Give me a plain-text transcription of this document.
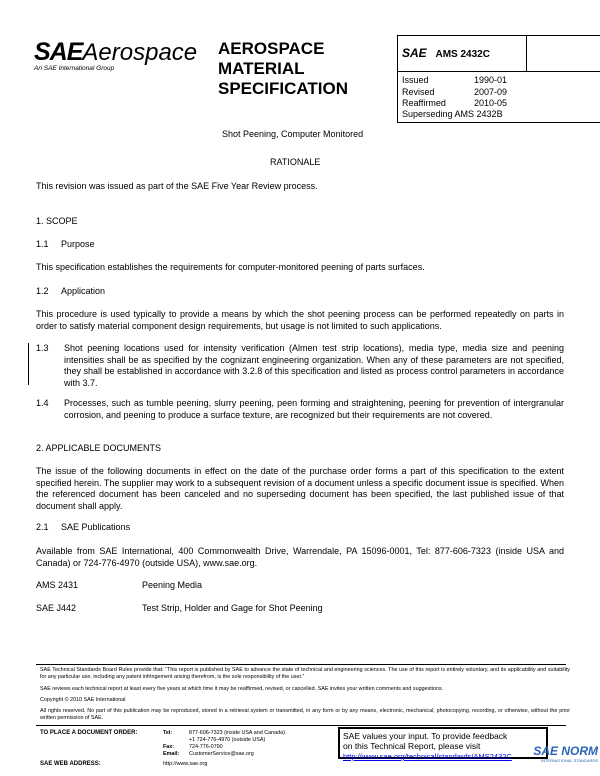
SAEAerospace
An SAE International Group
AEROSPACE
MATERIAL
SPECIFICATION
SAE AMS 2432C
Issued	1990-01
Revised	2007-09
Reaffirmed	2010-05
Superseding AMS 2432B
Shot Peening, Computer Monitored
RATIONALE
This revision was issued as part of the SAE Five Year Review process.
1. SCOPE
1.1 Purpose
This specification establishes the requirements for computer-monitored peening of parts surfaces.
1.2 Application
This procedure is used typically to provide a means by which the shot peening process can be performed repeatedly on parts in order to satisfy material component design requirements, but usage is not limited to such applications.
1.3 Shot peening locations used for intensity verification (Almen test strip locations), media type, media size and peening intensities shall be as specified by the cognizant engineering organization. When any of these parameters are not specified, they shall be established in accordance with 3.2.8 of this specification and listed as process control parameters in accordance with 3.7.
1.4 Processes, such as tumble peening, slurry peening, peen forming and straightening, peening for prevention of intergranular corrosion, and peening to produce a surface texture, are recognized but their requirements are not covered.
2. APPLICABLE DOCUMENTS
The issue of the following documents in effect on the date of the purchase order forms a part of this specification to the extent specified herein. The supplier may work to a subsequent revision of a document unless a specific document issue is specified. When the referenced document has been canceled and no superseding document has been specified, the last published issue of that document shall apply.
2.1 SAE Publications
Available from SAE International, 400 Commonwealth Drive, Warrendale, PA 15096-0001, Tel: 877-606-7323 (inside USA and Canada) or 724-776-4970 (outside USA), www.sae.org.
AMS 2431	Peening Media
SAE J442	Test Strip, Holder and Gage for Shot Peening
SAE Technical Standards Board Rules provide that: “This report is published by SAE to advance the state of technical and engineering sciences. The use of this report is entirely voluntary, and its applicability and suitability for any particular use, including any patent infringement arising therefrom, is the sole responsibility of the user.”
SAE reviews each technical report at least every five years at which time it may be reaffirmed, revised, or cancelled. SAE invites your written comments and suggestions.
Copyright © 2010 SAE International
All rights reserved. No part of this publication may be reproduced, stored in a retrieval system or transmitted, in any form or by any means, electronic, mechanical, photocopying, recording, or otherwise, without the prior written permission of SAE.
TO PLACE A DOCUMENT ORDER:	Tel:	877-606-7323 (inside USA and Canada)
+1 724-776-4970 (outside USA)
Fax:	724-776-0790
Email: CustomerService@sae.org
SAE WEB ADDRESS:	http://www.sae.org
SAE values your input. To provide feedback
on this Technical Report, please visit
http://www.sae.org/technical/standards/AMS2432C	SAE NORM
INTERNATIONAL STANDARDS
